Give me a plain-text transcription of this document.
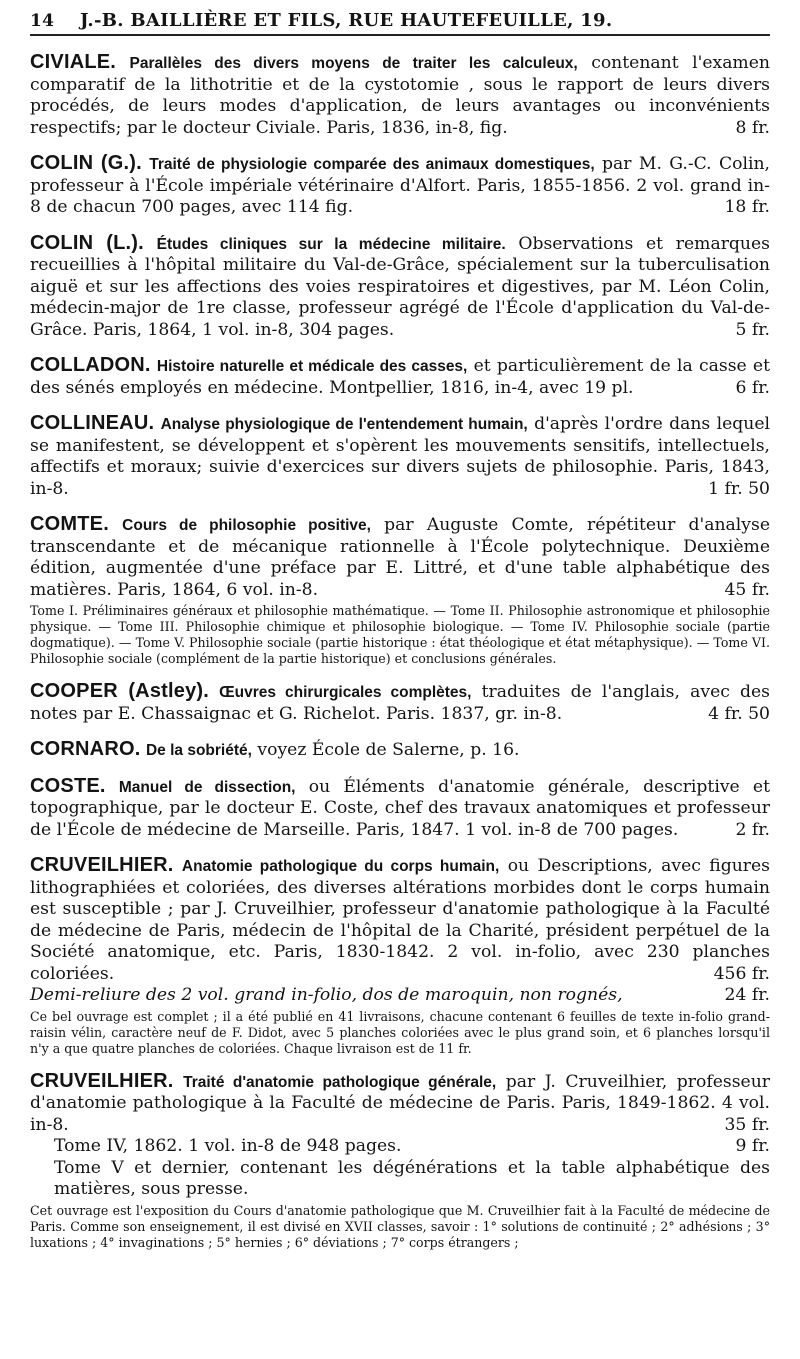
14	J.-B. BAILLIÈRE ET FILS, RUE HAUTEFEUILLE, 19.
CIVIALE. Parallèles des divers moyens de traiter les calculeux, contenant l'examen comparatif de la lithotritie et de la cystotomie , sous le rapport de leurs divers procédés, de leurs modes d'application, de leurs avantages ou inconvénients respectifs; par le docteur Civiale. Paris, 1836, in-8, fig.	8 fr.
COLIN (G.). Traité de physiologie comparée des animaux domestiques, par M. G.-C. Colin, professeur à l'École impériale vétérinaire d'Alfort. Paris, 1855-1856. 2 vol. grand in-8 de chacun 700 pages, avec 114 fig.	18 fr.
COLIN (L.). Études cliniques sur la médecine militaire. Observations et remarques recueillies à l'hôpital militaire du Val-de-Grâce, spécialement sur la tuberculisation aiguë et sur les affections des voies respiratoires et digestives, par M. Léon Colin, médecin-major de 1re classe, professeur agrégé de l'École d'application du Val-de-Grâce. Paris, 1864, 1 vol. in-8, 304 pages.	5 fr.
COLLADON. Histoire naturelle et médicale des casses, et particulièrement de la casse et des sénés employés en médecine. Montpellier, 1816, in-4, avec 19 pl.	6 fr.
COLLINEAU. Analyse physiologique de l'entendement humain, d'après l'ordre dans lequel se manifestent, se développent et s'opèrent les mouvements sensitifs, intellectuels, affectifs et moraux; suivie d'exercices sur divers sujets de philosophie. Paris, 1843, in-8.	1 fr. 50
COMTE. Cours de philosophie positive, par Auguste Comte, répétiteur d'analyse transcendante et de mécanique rationnelle à l'École polytechnique. Deuxième édition, augmentée d'une préface par E. Littré, et d'une table alphabétique des matières. Paris, 1864, 6 vol. in-8.	45 fr.
Tome I. Préliminaires généraux et philosophie mathématique. — Tome II. Philosophie astronomique et philosophie physique. — Tome III. Philosophie chimique et philosophie biologique. — Tome IV. Philosophie sociale (partie dogmatique). — Tome V. Philosophie sociale (partie historique : état théologique et état métaphysique). — Tome VI. Philosophie sociale (complément de la partie historique) et conclusions générales.
COOPER (Astley). Œuvres chirurgicales complètes, traduites de l'anglais, avec des notes par E. Chassaignac et G. Richelot. Paris. 1837, gr. in-8.	4 fr. 50
CORNARO. De la sobriété, voyez École de Salerne, p. 16.
COSTE. Manuel de dissection, ou Éléments d'anatomie générale, descriptive et topographique, par le docteur E. Coste, chef des travaux anatomiques et professeur de l'École de médecine de Marseille. Paris, 1847. 1 vol. in-8 de 700 pages.	2 fr.
CRUVEILHIER. Anatomie pathologique du corps humain, ou Descriptions, avec figures lithographiées et coloriées, des diverses altérations morbides dont le corps humain est susceptible ; par J. Cruveilhier, professeur d'anatomie pathologique à la Faculté de médecine de Paris, médecin de l'hôpital de la Charité, président perpétuel de la Société anatomique, etc. Paris, 1830-1842. 2 vol. in-folio, avec 230 planches coloriées.	456 fr.
Demi-reliure des 2 vol. grand in-folio, dos de maroquin, non rognés,	24 fr.
Ce bel ouvrage est complet ; il a été publié en 41 livraisons, chacune contenant 6 feuilles de texte in-folio grand-raisin vélin, caractère neuf de F. Didot, avec 5 planches coloriées avec le plus grand soin, et 6 planches lorsqu'il n'y a que quatre planches de coloriées. Chaque livraison est de 11 fr.
CRUVEILHIER. Traité d'anatomie pathologique générale, par J. Cruveilhier, professeur d'anatomie pathologique à la Faculté de médecine de Paris. Paris, 1849-1862. 4 vol. in-8.	35 fr.
Tome IV, 1862. 1 vol. in-8 de 948 pages.	9 fr.
Tome V et dernier, contenant les dégénérations et la table alphabétique des matières, sous presse.
Cet ouvrage est l'exposition du Cours d'anatomie pathologique que M. Cruveilhier fait à la Faculté de médecine de Paris. Comme son enseignement, il est divisé en XVII classes, savoir : 1° solutions de continuité ; 2° adhésions ; 3° luxations ; 4° invaginations ; 5° hernies ; 6° déviations ; 7° corps étrangers ;
